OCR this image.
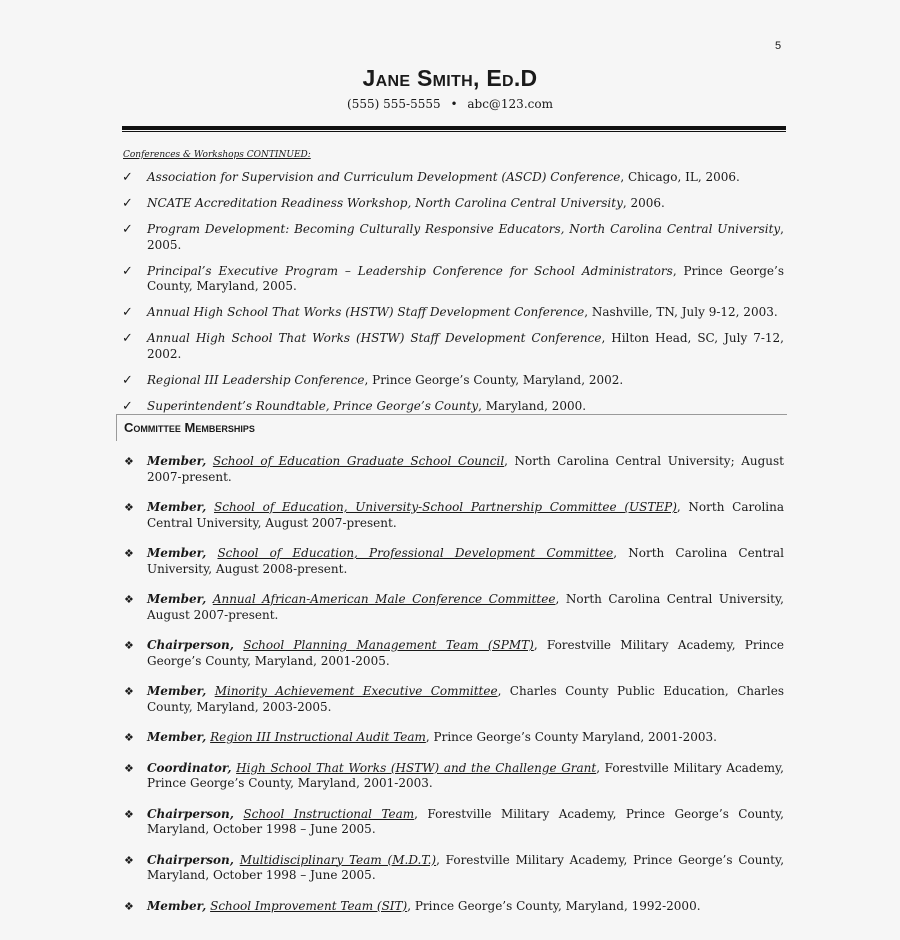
5
Jane Smith, Ed.D
(555) 555-5555 • abc@123.com
Conferences & Workshops CONTINUED:
✓ Association for Supervision and Curriculum Development (ASCD) Conference, Chicago, IL, 2006.
✓ NCATE Accreditation Readiness Workshop, North Carolina Central University, 2006.
✓ Program Development: Becoming Culturally Responsive Educators, North Carolina Central University, 2005.
✓ Principal’s Executive Program – Leadership Conference for School Administrators, Prince George’s County, Maryland, 2005.
✓ Annual High School That Works (HSTW) Staff Development Conference, Nashville, TN, July 9-12, 2003.
✓ Annual High School That Works (HSTW) Staff Development Conference, Hilton Head, SC, July 7-12, 2002.
✓ Regional III Leadership Conference, Prince George’s County, Maryland, 2002.
✓ Superintendent’s Roundtable, Prince George’s County, Maryland, 2000.
Committee Memberships
❖ Member, School of Education Graduate School Council, North Carolina Central University; August 2007-present.
❖ Member, School of Education, University-School Partnership Committee (USTEP), North Carolina Central University, August 2007-present.
❖ Member, School of Education, Professional Development Committee, North Carolina Central University, August 2008-present.
❖ Member, Annual African-American Male Conference Committee, North Carolina Central University, August 2007-present.
❖ Chairperson, School Planning Management Team (SPMT), Forestville Military Academy, Prince George’s County, Maryland, 2001-2005.
❖ Member, Minority Achievement Executive Committee, Charles County Public Education, Charles County, Maryland, 2003-2005.
❖ Member, Region III Instructional Audit Team, Prince George’s County Maryland, 2001-2003.
❖ Coordinator, High School That Works (HSTW) and the Challenge Grant, Forestville Military Academy, Prince George’s County, Maryland, 2001-2003.
❖ Chairperson, School Instructional Team, Forestville Military Academy, Prince George’s County, Maryland, October 1998 – June 2005.
❖ Chairperson, Multidisciplinary Team (M.D.T.), Forestville Military Academy, Prince George’s County, Maryland, October 1998 – June 2005.
❖ Member, School Improvement Team (SIT), Prince George’s County, Maryland, 1992-2000.
